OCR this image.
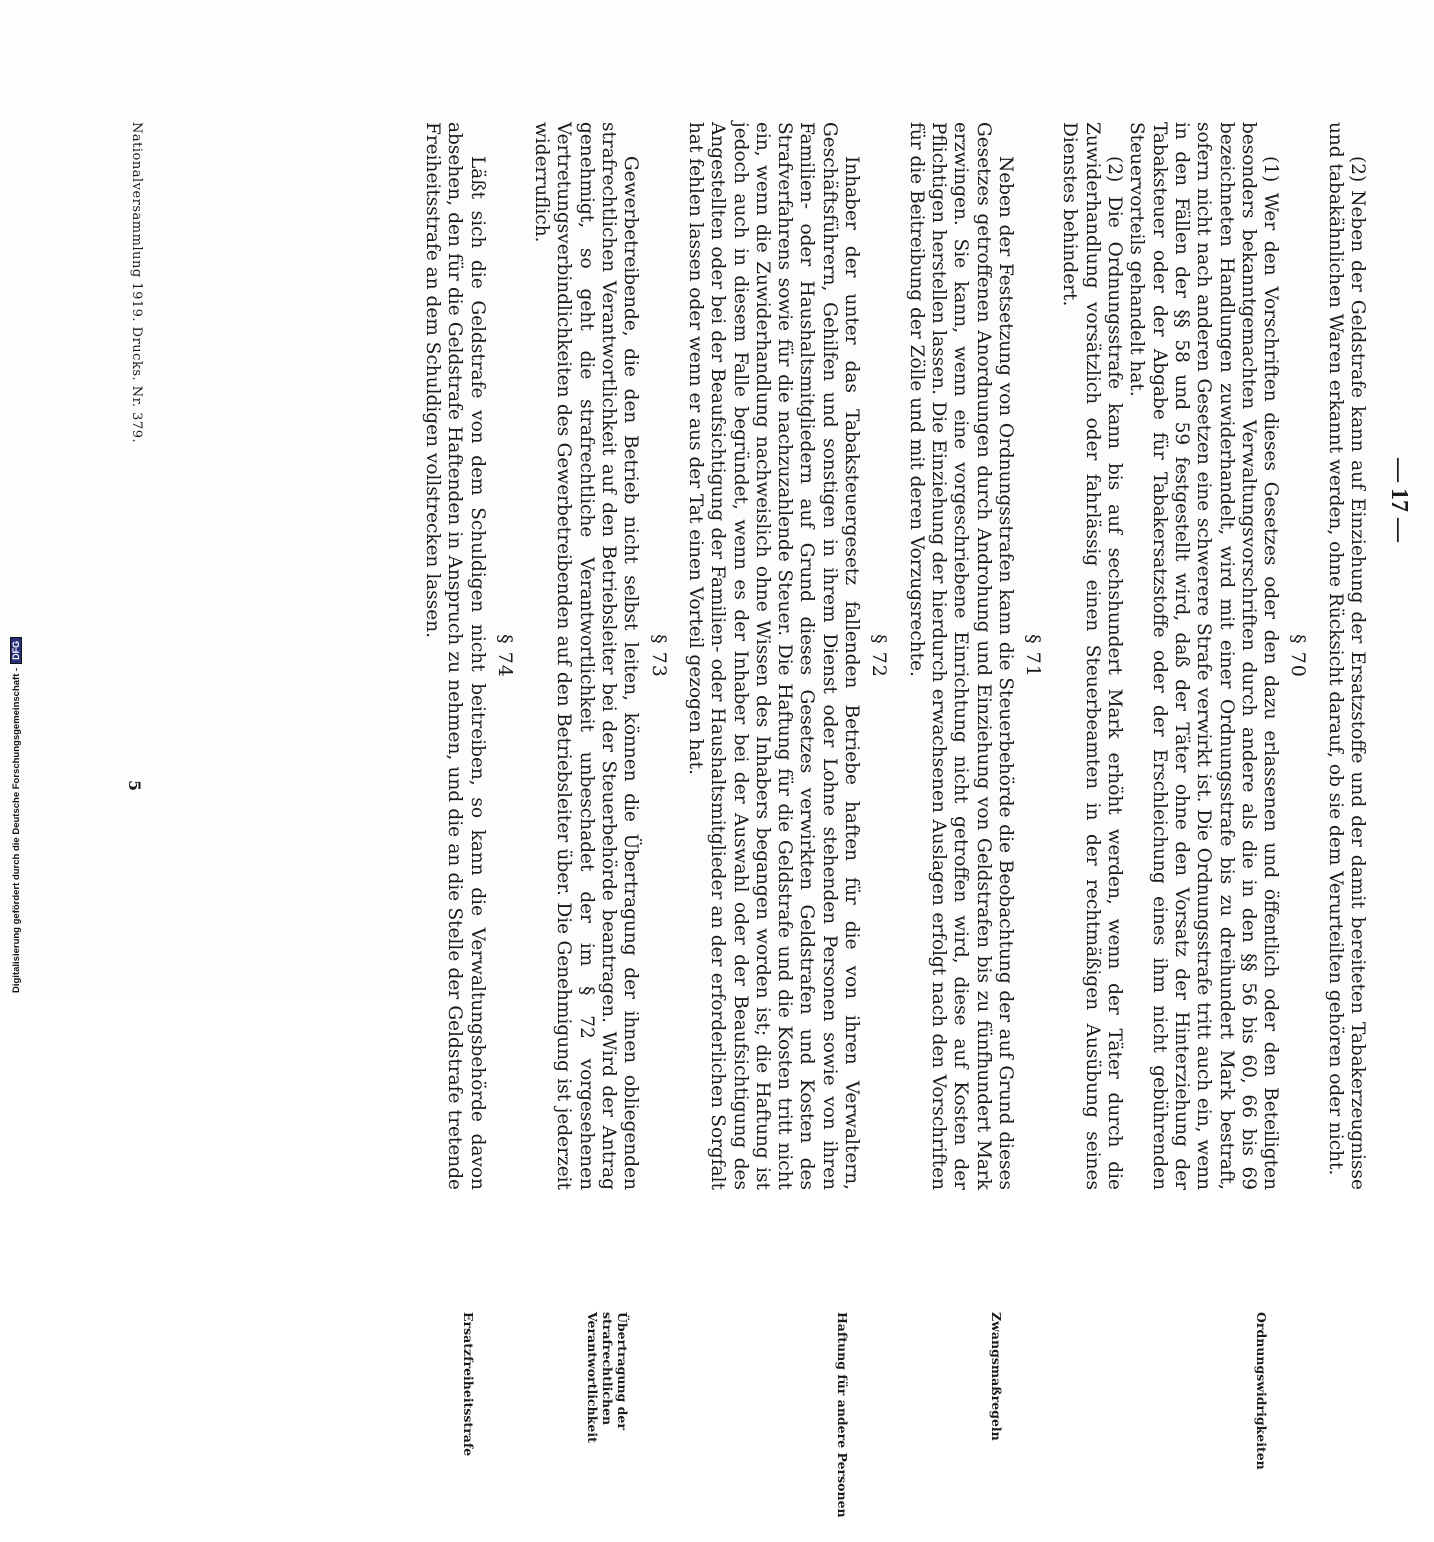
— 17 —

(2) Neben der Geldstrafe kann auf Einziehung der Ersatzstoffe und der damit bereiteten Tabakerzeugnisse und tabakähnlichen Waren erkannt werden, ohne Rücksicht darauf, ob sie dem Verurteilten gehören oder nicht.

§ 70
Ordnungswidrigkeiten

(1) Wer den Vorschriften dieses Gesetzes oder den dazu erlassenen und öffentlich oder den Beteiligten besonders bekanntgemachten Verwaltungsvorschriften durch andere als die in den §§ 56 bis 60, 66 bis 69 bezeichneten Handlungen zuwiderhandelt, wird mit einer Ordnungsstrafe bis zu dreihundert Mark bestraft, sofern nicht nach anderen Gesetzen eine schwerere Strafe verwirkt ist. Die Ordnungsstrafe tritt auch ein, wenn in den Fällen der §§ 58 und 59 festgestellt wird, daß der Täter ohne den Vorsatz der Hinterziehung der Tabaksteuer oder der Abgabe für Tabakersatzstoffe oder der Erschleichung eines ihm nicht gebührenden Steuervorteils gehandelt hat.

(2) Die Ordnungsstrafe kann bis auf sechshundert Mark erhöht werden, wenn der Täter durch die Zuwiderhandlung vorsätzlich oder fahrlässig einen Steuerbeamten in der rechtmäßigen Ausübung seines Dienstes behindert.

§ 71
Zwangsmaßregeln

Neben der Festsetzung von Ordnungsstrafen kann die Steuerbehörde die Beobachtung der auf Grund dieses Gesetzes getroffenen Anordnungen durch Androhung und Einziehung von Geldstrafen bis zu fünfhundert Mark erzwingen. Sie kann, wenn eine vorgeschriebene Einrichtung nicht getroffen wird, diese auf Kosten der Pflichtigen herstellen lassen. Die Einziehung der hierdurch erwachsenen Auslagen erfolgt nach den Vorschriften für die Beitreibung der Zölle und mit deren Vorzugsrechte.

§ 72
Haftung für andere Personen

Inhaber der unter das Tabaksteuergesetz fallenden Betriebe haften für die von ihren Verwaltern, Geschäftsführern, Gehilfen und sonstigen in ihrem Dienst oder Lohne stehenden Personen sowie von ihren Familien- oder Haushaltsmitgliedern auf Grund dieses Gesetzes verwirkten Geldstrafen und Kosten des Strafverfahrens sowie für die nachzuzahlende Steuer. Die Haftung für die Geldstrafe und die Kosten tritt nicht ein, wenn die Zuwiderhandlung nachweislich ohne Wissen des Inhabers begangen worden ist; die Haftung ist jedoch auch in diesem Falle begründet, wenn es der Inhaber bei der Auswahl oder der Beaufsichtigung des Angestellten oder bei der Beaufsichtigung der Familien- oder Haushaltsmitglieder an der erforderlichen Sorgfalt hat fehlen lassen oder wenn er aus der Tat einen Vorteil gezogen hat.

§ 73
Übertragung der strafrechtlichen Verantwortlichkeit

Gewerbetreibende, die den Betrieb nicht selbst leiten, können die Übertragung der ihnen obliegenden strafrechtlichen Verantwortlichkeit auf den Betriebsleiter bei der Steuerbehörde beantragen. Wird der Antrag genehmigt, so geht die strafrechtliche Verantwortlichkeit unbeschadet der im § 72 vorgesehenen Vertretungsverbindlichkeiten des Gewerbetreibenden auf den Betriebsleiter über. Die Genehmigung ist jederzeit widerruflich.

§ 74
Ersatzfreiheitsstrafe

Läßt sich die Geldstrafe von dem Schuldigen nicht beitreiben, so kann die Verwaltungsbehörde davon absehen, den für die Geldstrafe Haftenden in Anspruch zu nehmen, und die an die Stelle der Geldstrafe tretende Freiheitsstrafe an dem Schuldigen vollstrecken lassen.

Nationalversammlung 1919. Drucks. Nr. 379.
5
Digitalisierung gefördert durch die Deutsche Forschungsgemeinschaft -DFG
